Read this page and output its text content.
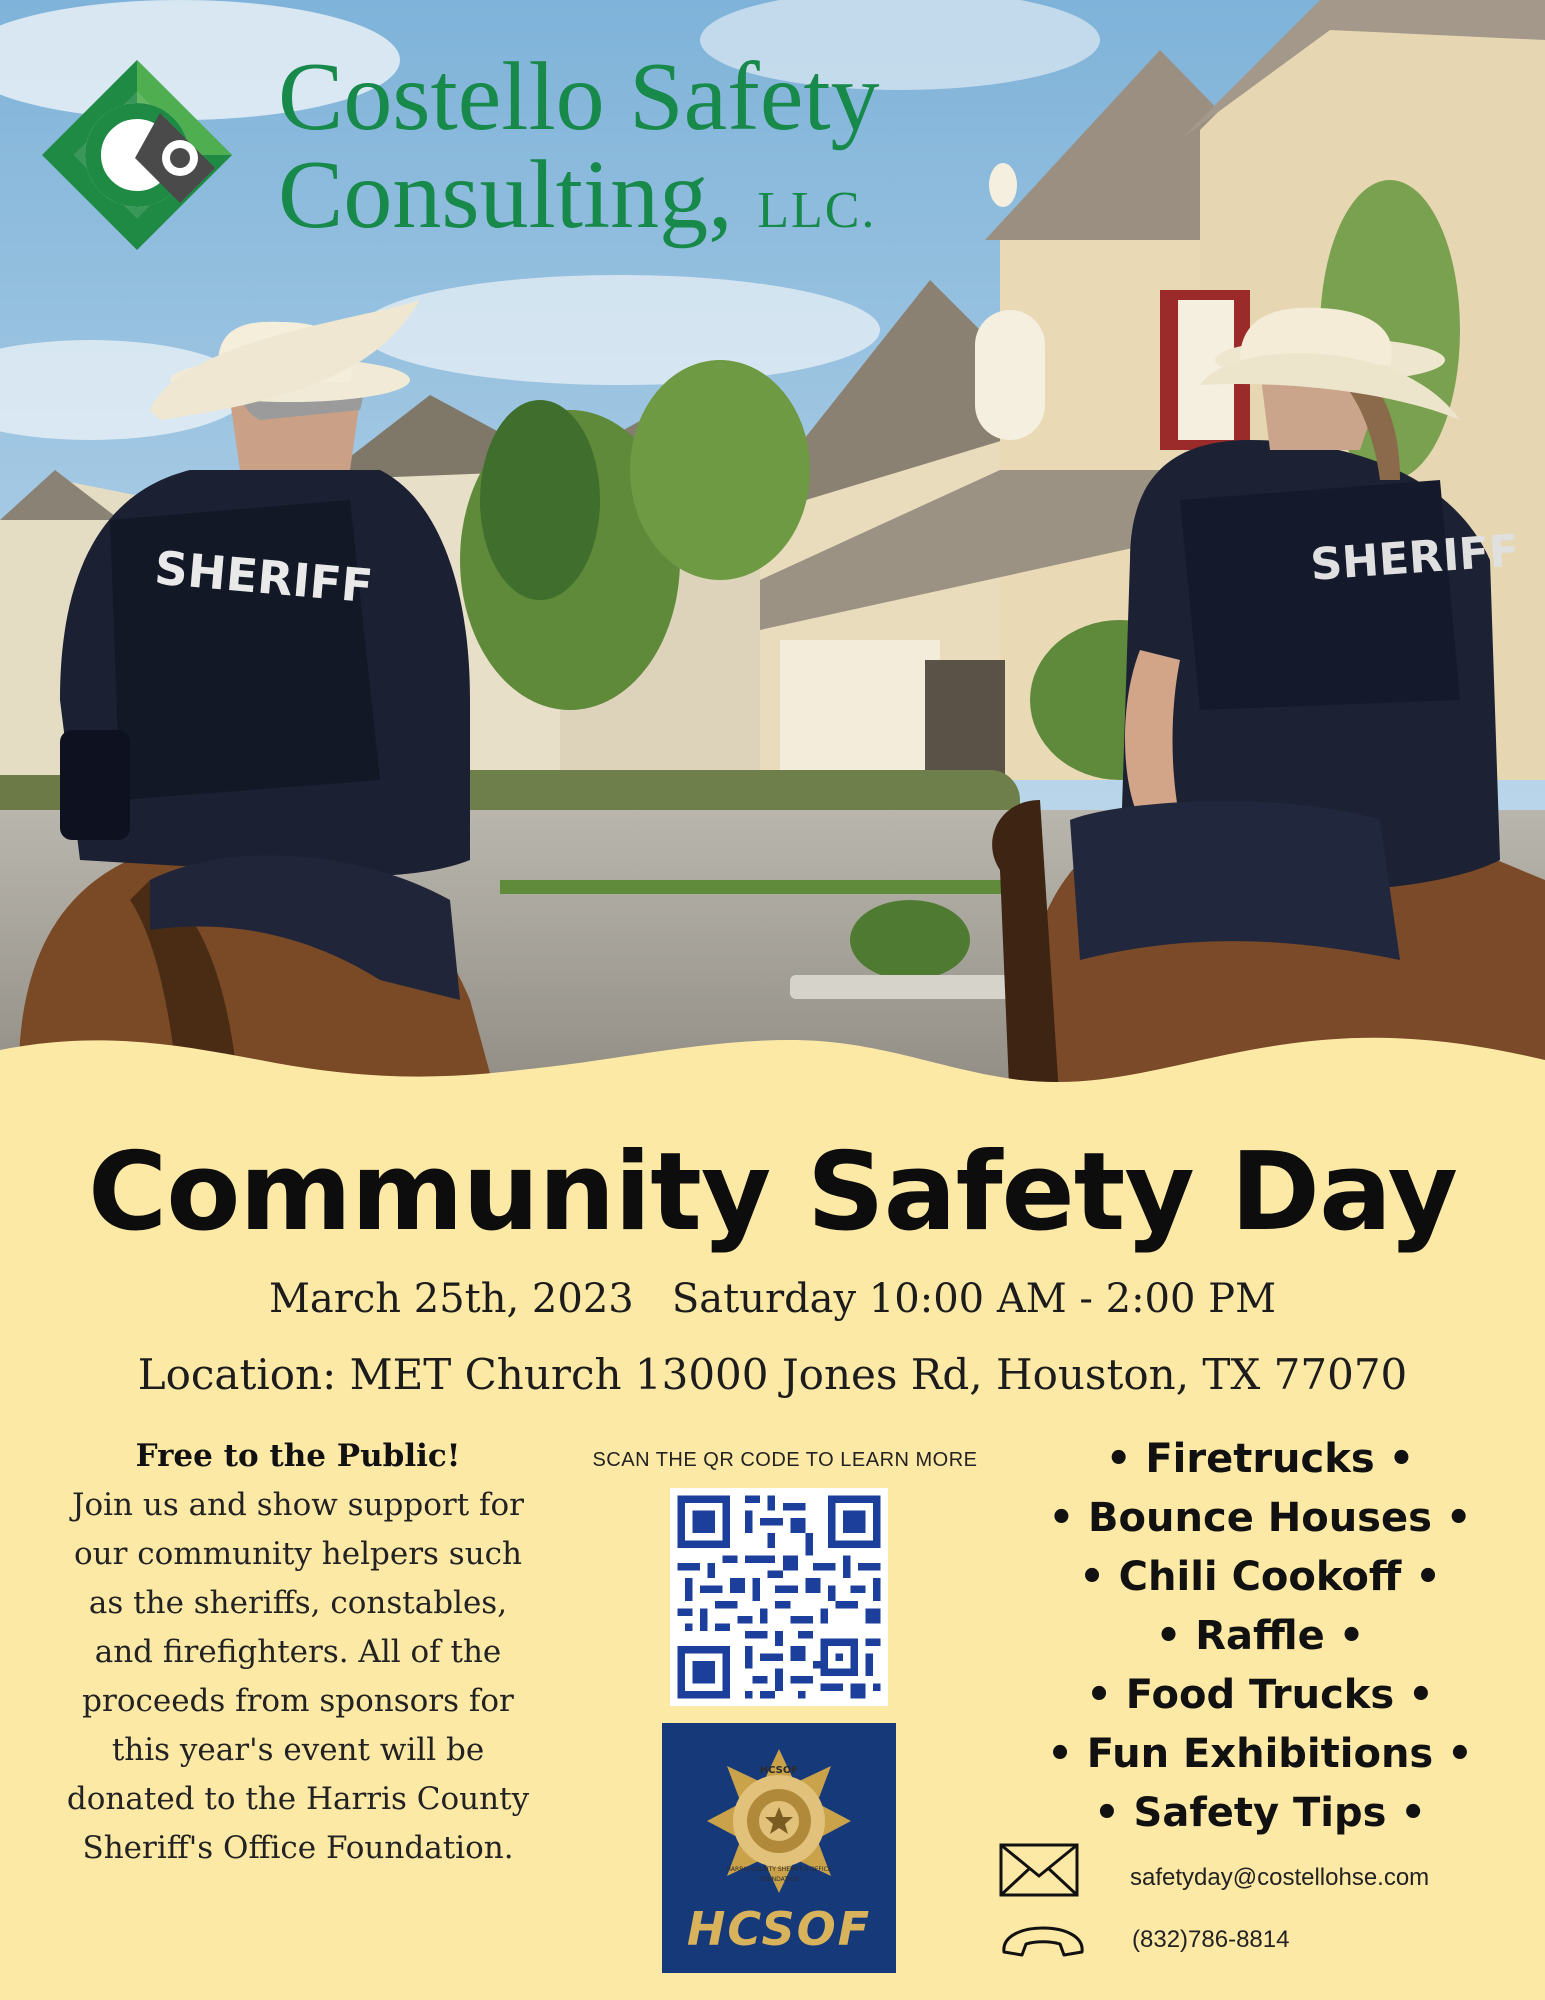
SHERIFF	SHERIFF
Costello Safety
Consulting, LLC.
Community Safety Day
March 25th, 2023   Saturday 10:00 AM - 2:00 PM
Location: MET Church 13000 Jones Rd, Houston, TX 77070
Free to the Public!
Join us and show support for our community helpers such as the sheriffs, constables, and firefighters. All of the proceeds from sponsors for this year's event will be donated to the Harris County Sheriff's Office Foundation.
SCAN THE QR CODE TO LEARN MORE
HCSOF
HARRIS COUNTY SHERIFF'S OFFICE
FOUNDATION
HCSOF
• Firetrucks •
• Bounce Houses •
• Chili Cookoff •
• Raffle •
• Food Trucks •
• Fun Exhibitions •
• Safety Tips •
safetyday@costellohse.com
(832)786-8814
